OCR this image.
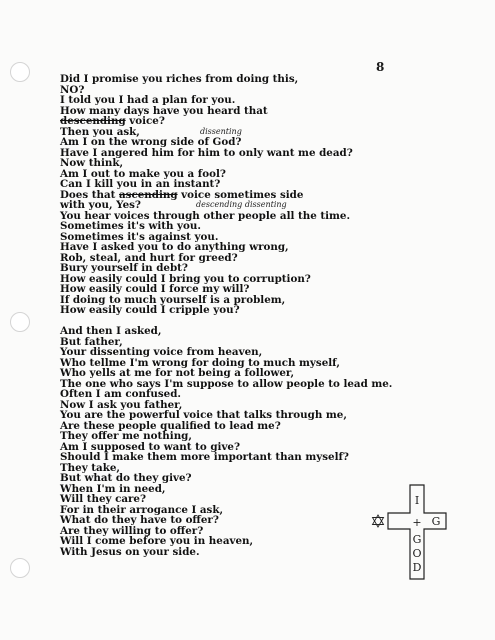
8
Did I promise you riches from doing this,
NO?
I told you I had a plan for you.
How many days have you heard that
descending voice?
Then you ask,
Am I on the wrong side of God?
Have I angered him for him to only want me dead?
Now think,
Am I out to make you a fool?
Can I kill you in an instant?
Does that ascending voice sometimes side
with you, Yes?
You hear voices through other people all the time.
Sometimes it's with you.
Sometimes it's against you.
Have I asked you to do anything wrong,
Rob, steal, and hurt for greed?
Bury yourself in debt?
How easily could I bring you to corruption?
How easily could I force my will?
If doing to much yourself is a problem,
How easily could I cripple you?
And then I asked,
But father,
Your dissenting voice from heaven,
Who tellme I'm wrong for doing to much myself,
Who yells at me for not being a follower,
The one who says I'm suppose to allow people to lead me.
Often I am confused.
Now I ask you father,
You are the powerful voice that talks through me,
Are these people qualified to lead me?
They offer me nothing,
Am I supposed to want to give?
Should I make them more important than myself?
They take,
But what do they give?
When I'm in need,
Will they care?
For in their arrogance I ask,
What do they have to offer?
Are they willing to offer?
Will I come before you in heaven,
With Jesus on your side.
dissenting
descending dissenting
I
+ G
G
O
D
